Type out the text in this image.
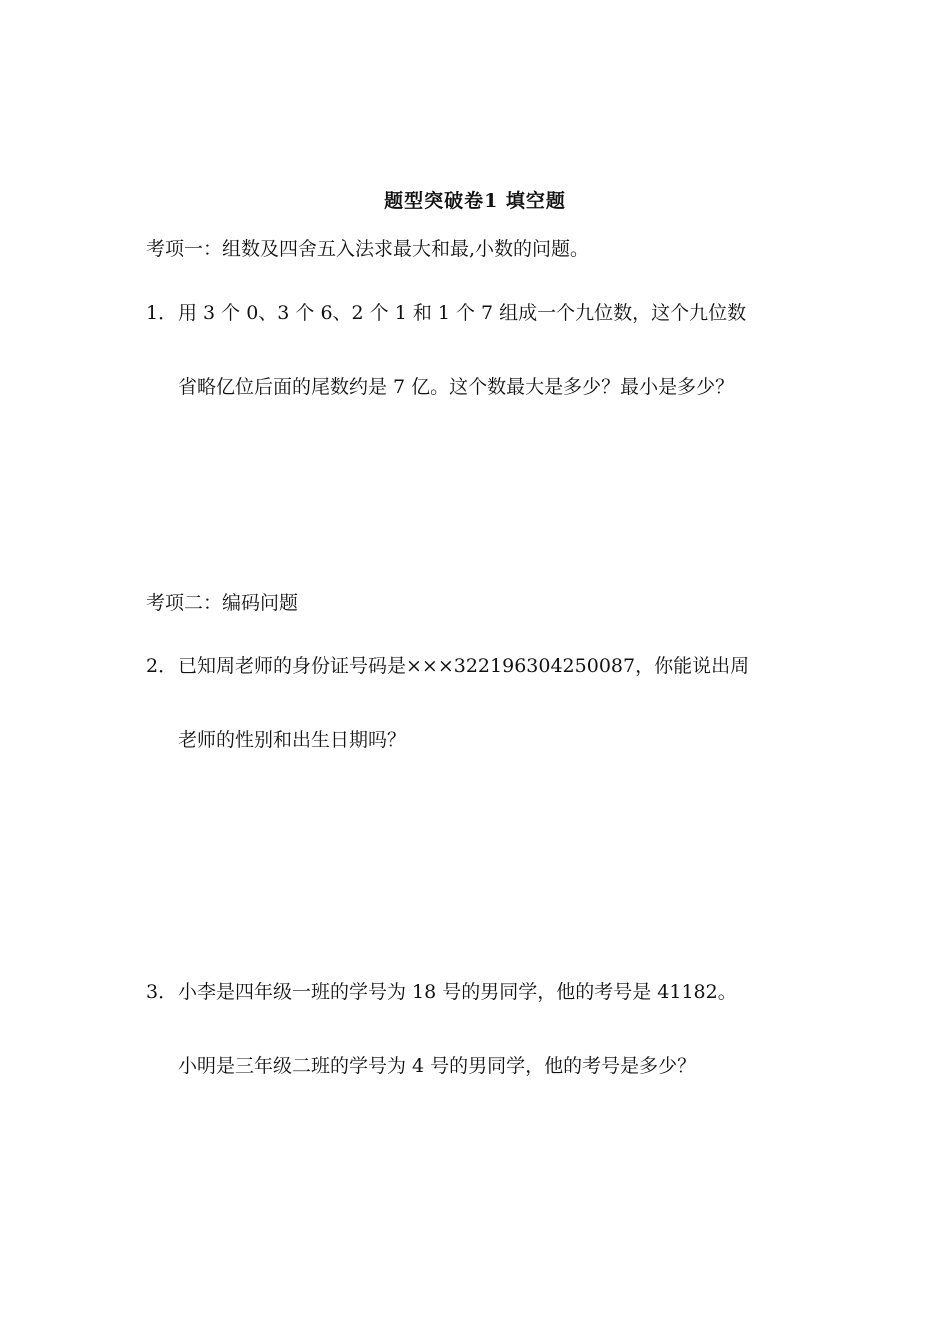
题型突破卷1 填空题
考项一：组数及四舍五入法求最大和最,小数的问题。
1．用 3 个 0、3 个 6、2 个 1 和 1 个 7 组成一个九位数，这个九位数
省略亿位后面的尾数约是 7 亿。这个数最大是多少？最小是多少？
考项二：编码问题
2．已知周老师的身份证号码是×××322196304250087，你能说出周
老师的性别和出生日期吗？
3．小李是四年级一班的学号为 18 号的男同学，他的考号是 41182。
小明是三年级二班的学号为 4 号的男同学，他的考号是多少？
